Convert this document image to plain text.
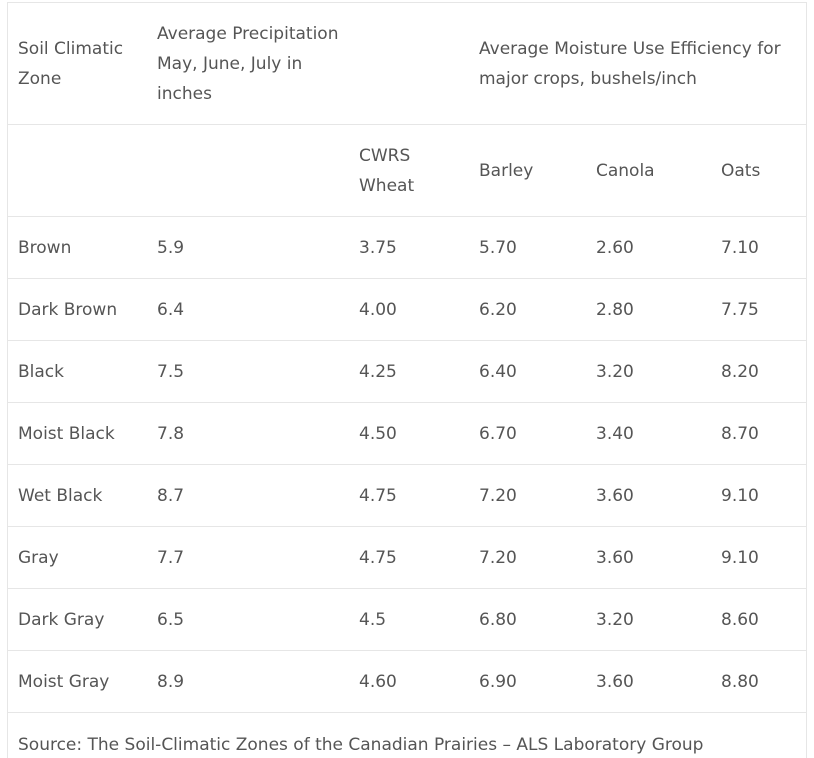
Soil Climatic Zone	Average Precipitation May, June, July in inches		Average Moisture Use Efficiency for major crops, bushels/inch		
		CWRS Wheat	Barley	Canola	Oats
Brown	5.9	3.75	5.70	2.60	7.10
Dark Brown	6.4	4.00	6.20	2.80	7.75
Black	7.5	4.25	6.40	3.20	8.20
Moist Black	7.8	4.50	6.70	3.40	8.70
Wet Black	8.7	4.75	7.20	3.60	9.10
Gray	7.7	4.75	7.20	3.60	9.10
Dark Gray	6.5	4.5	6.80	3.20	8.60
Moist Gray	8.9	4.60	6.90	3.60	8.80
Source: The Soil-Climatic Zones of the Canadian Prairies – ALS Laboratory Group					
